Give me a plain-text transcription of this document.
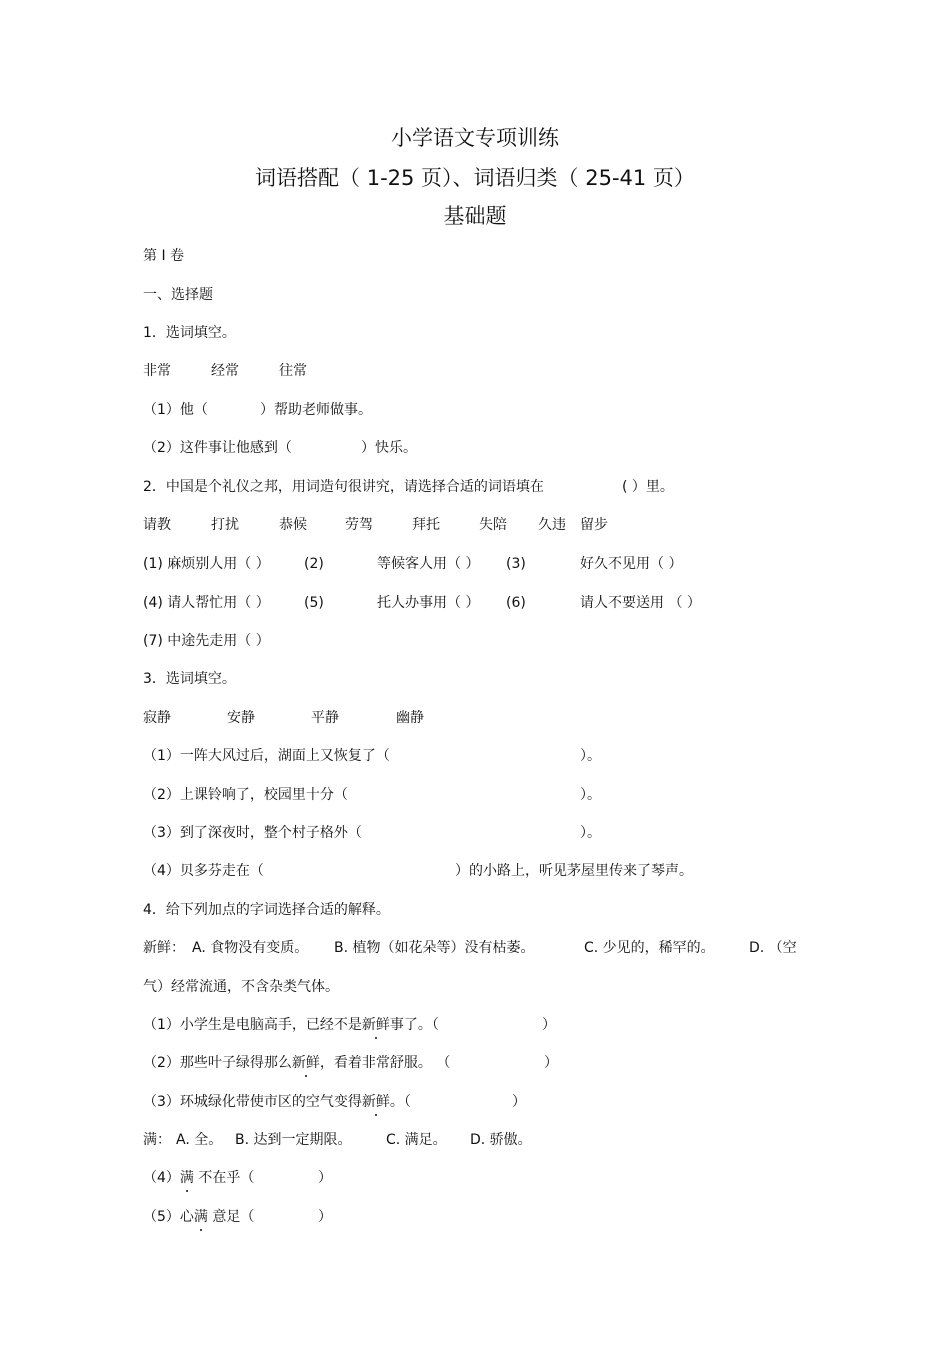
小学语文专项训练
词语搭配（ 1-25 页）、词语归类（ 25-41 页）
基础题
第 I 卷
一、选择题
1．选词填空。
非常	经常	往常
（1）他（	）帮助老师做事。
（2）这件事让他感到（	）快乐。
2．中国是个礼仪之邦，用词造句很讲究，请选择合适的词语填在	( ）里。
请教	打扰	恭候	劳驾	拜托	失陪 久违 留步
(1) 麻烦别人用（ ） (2)	等候客人用（ ） (3)	好久不见用（ ）
(4) 请人帮忙用（ ） (5)	托人办事用（ ） (6)	请人不要送用 （ ）
(7) 中途先走用（ ）
3．选词填空。
寂静	安静	平静	幽静
（1）一阵大风过后，湖面上又恢复了（	）。
（2）上课铃响了，校园里十分（	）。
（3）到了深夜时，整个村子格外（	）。
（4）贝多芬走在（	）的小路上，听见茅屋里传来了琴声。
4．给下列加点的字词选择合适的解释。
新鲜： A. 食物没有变质。 B. 植物（如花朵等）没有枯萎。	C. 少见的，稀罕的。 D. （空
气）经常流通，不含杂类气体。
（1）小学生是电脑高手，已经不是新鲜事了。（	）
（2）那些叶子绿得那么新鲜，看着非常舒服。 （	）
（3）环城绿化带使市区的空气变得新鲜。（	）
满： A. 全。 B. 达到一定期限。 C. 满足。 D. 骄傲。
（4）满 不在乎（	）
（5）心满 意足（	）
